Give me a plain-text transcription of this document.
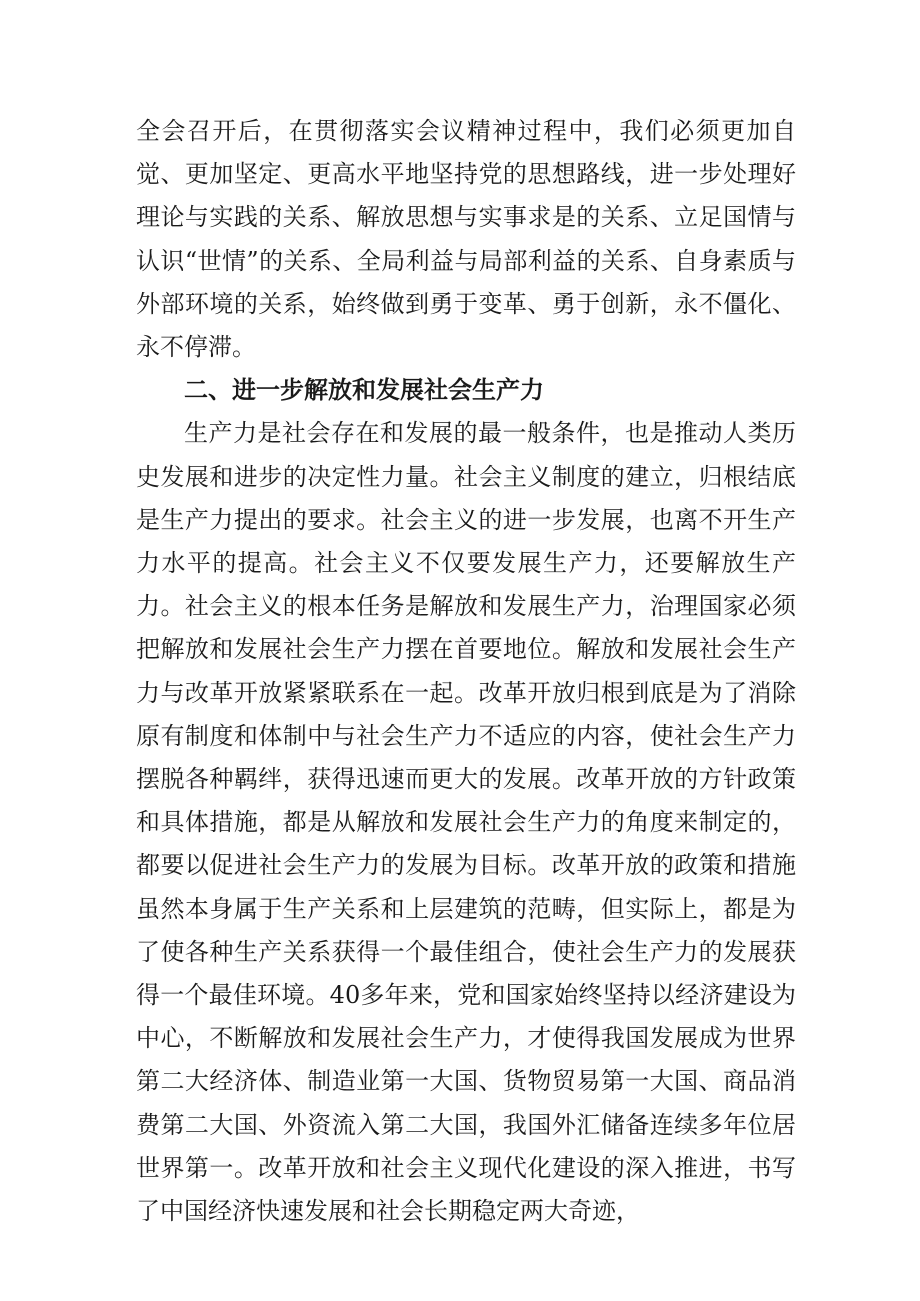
全会召开后，在贯彻落实会议精神过程中，我们必须更加自觉、更加坚定、更高水平地坚持党的思想路线，进一步处理好理论与实践的关系、解放思想与实事求是的关系、立足国情与认识“世情”的关系、全局利益与局部利益的关系、自身素质与外部环境的关系，始终做到勇于变革、勇于创新，永不僵化、永不停滞。

二、进一步解放和发展社会生产力

生产力是社会存在和发展的最一般条件，也是推动人类历史发展和进步的决定性力量。社会主义制度的建立，归根结底是生产力提出的要求。社会主义的进一步发展，也离不开生产力水平的提高。社会主义不仅要发展生产力，还要解放生产力。社会主义的根本任务是解放和发展生产力，治理国家必须把解放和发展社会生产力摆在首要地位。解放和发展社会生产力与改革开放紧紧联系在一起。改革开放归根到底是为了消除原有制度和体制中与社会生产力不适应的内容，使社会生产力摆脱各种羁绊，获得迅速而更大的发展。改革开放的方针政策和具体措施，都是从解放和发展社会生产力的角度来制定的，都要以促进社会生产力的发展为目标。改革开放的政策和措施虽然本身属于生产关系和上层建筑的范畴，但实际上，都是为了使各种生产关系获得一个最佳组合，使社会生产力的发展获得一个最佳环境。40多年来，党和国家始终坚持以经济建设为中心，不断解放和发展社会生产力，才使得我国发展成为世界第二大经济体、制造业第一大国、货物贸易第一大国、商品消费第二大国、外资流入第二大国，我国外汇储备连续多年位居世界第一。改革开放和社会主义现代化建设的深入推进，书写了中国经济快速发展和社会长期稳定两大奇迹，
